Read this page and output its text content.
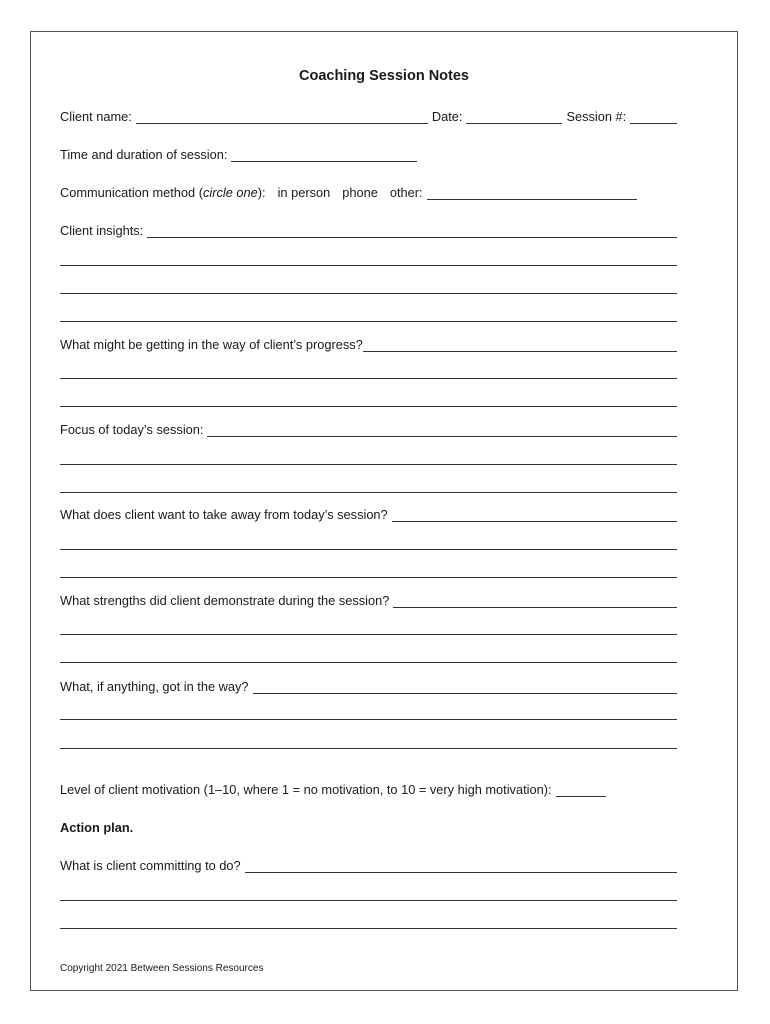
Coaching Session Notes
Client name:	Date:	Session #:
Time and duration of session:
Communication method (circle one): in person phone other:
Client insights:
What might be getting in the way of client’s progress?
Focus of today’s session:
What does client want to take away from today’s session?
What strengths did client demonstrate during the session?
What, if anything, got in the way?
Level of client motivation (1–10, where 1 = no motivation, to 10 = very high motivation):
Action plan.
What is client committing to do?
Copyright 2021 Between Sessions Resources
